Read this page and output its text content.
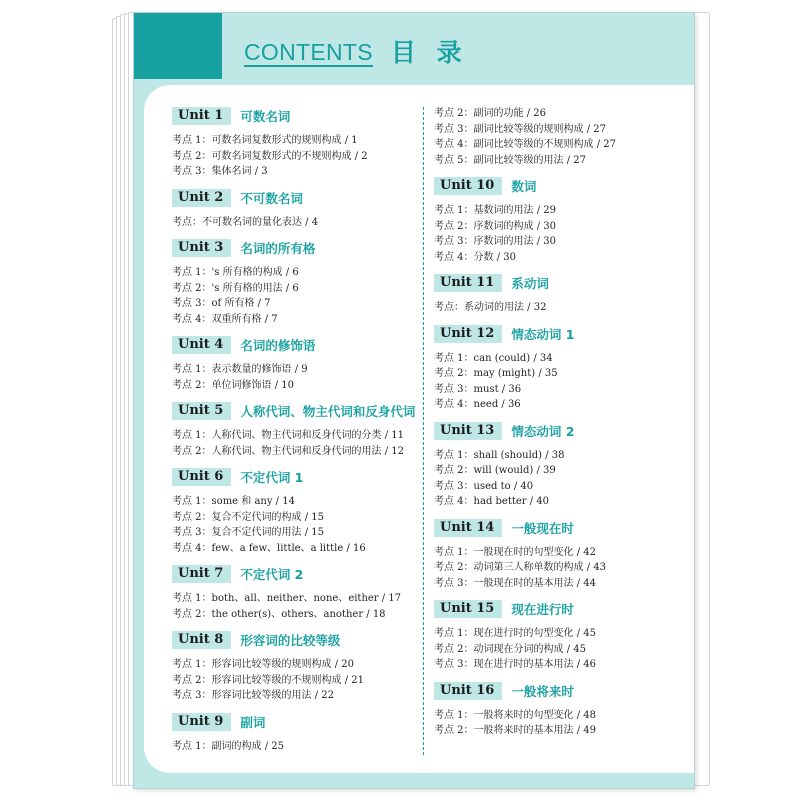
CONTENTS 目 录
Unit 1	可数名词
考点 1：可数名词复数形式的规则构成 / 1
考点 2：可数名词复数形式的不规则构成 / 2
考点 3：集体名词 / 3
Unit 2	不可数名词
考点：不可数名词的量化表达 / 4
Unit 3	名词的所有格
考点 1：'s 所有格的构成 / 6
考点 2：'s 所有格的用法 / 6
考点 3：of 所有格 / 7
考点 4：双重所有格 / 7
Unit 4	名词的修饰语
考点 1：表示数量的修饰语 / 9
考点 2：单位词修饰语 / 10
Unit 5	人称代词、物主代词和反身代词
考点 1：人称代词、物主代词和反身代词的分类 / 11
考点 2：人称代词、物主代词和反身代词的用法 / 12
Unit 6	不定代词 1
考点 1：some 和 any / 14
考点 2：复合不定代词的构成 / 15
考点 3：复合不定代词的用法 / 15
考点 4：few、a few、little、a little / 16
Unit 7	不定代词 2
考点 1：both、all、neither、none、either / 17
考点 2：the other(s)、others、another / 18
Unit 8	形容词的比较等级
考点 1：形容词比较等级的规则构成 / 20
考点 2：形容词比较等级的不规则构成 / 21
考点 3：形容词比较等级的用法 / 22
Unit 9	副词
考点 1：副词的构成 / 25
考点 2：副词的功能 / 26
考点 3：副词比较等级的规则构成 / 27
考点 4：副词比较等级的不规则构成 / 27
考点 5：副词比较等级的用法 / 27
Unit 10	数词
考点 1：基数词的用法 / 29
考点 2：序数词的构成 / 30
考点 3：序数词的用法 / 30
考点 4：分数 / 30
Unit 11	系动词
考点：系动词的用法 / 32
Unit 12	情态动词 1
考点 1：can (could) / 34
考点 2：may (might) / 35
考点 3：must / 36
考点 4：need / 36
Unit 13	情态动词 2
考点 1：shall (should) / 38
考点 2：will (would) / 39
考点 3：used to / 40
考点 4：had better / 40
Unit 14	一般现在时
考点 1：一般现在时的句型变化 / 42
考点 2：动词第三人称单数的构成 / 43
考点 3：一般现在时的基本用法 / 44
Unit 15	现在进行时
考点 1：现在进行时的句型变化 / 45
考点 2：动词现在分词的构成 / 45
考点 3：现在进行时的基本用法 / 46
Unit 16	一般将来时
考点 1：一般将来时的句型变化 / 48
考点 2：一般将来时的基本用法 / 49
